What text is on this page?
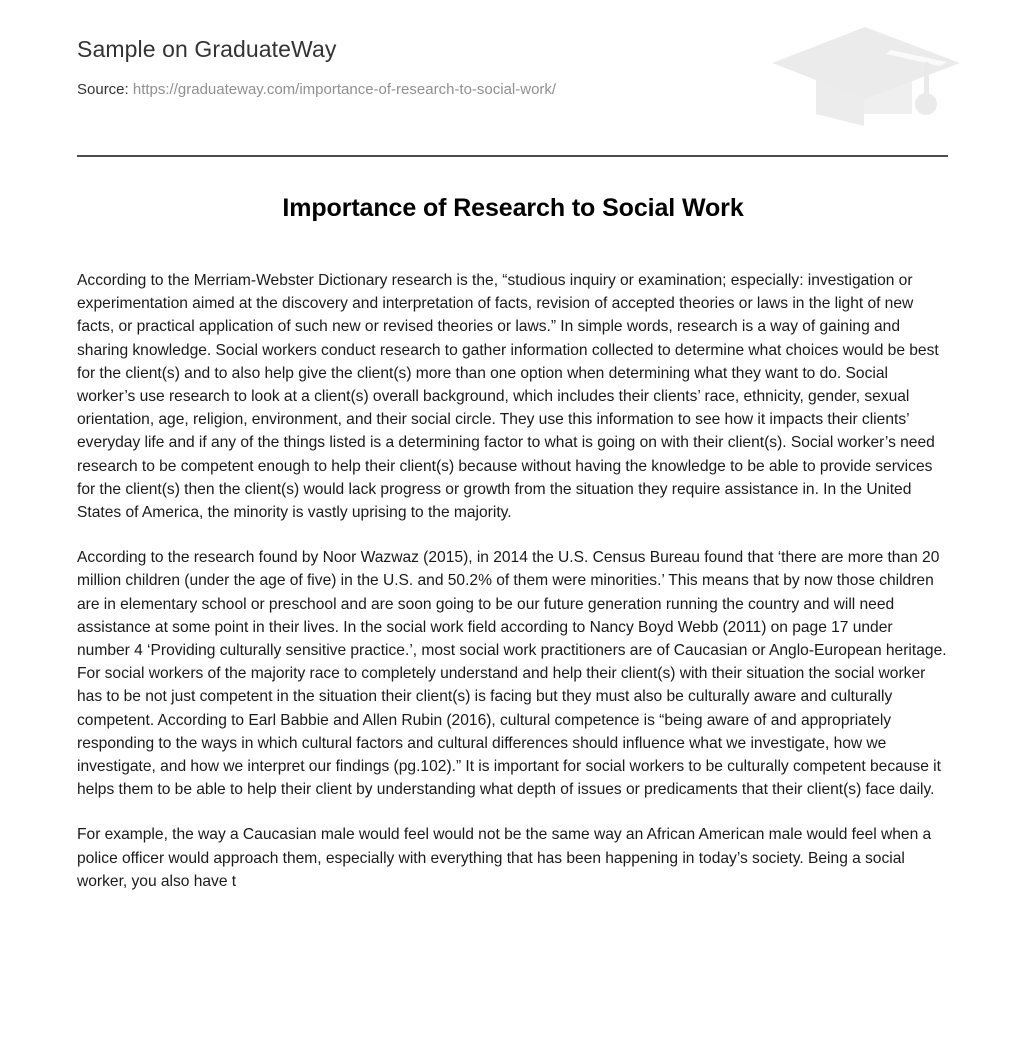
Sample on GraduateWay

Source: https://graduateway.com/importance-of-research-to-social-work/

Importance of Research to Social Work

According to the Merriam-Webster Dictionary research is the, “studious inquiry or examination; especially: investigation or experimentation aimed at the discovery and interpretation of facts, revision of accepted theories or laws in the light of new facts, or practical application of such new or revised theories or laws.” In simple words, research is a way of gaining and sharing knowledge. Social workers conduct research to gather information collected to determine what choices would be best for the client(s) and to also help give the client(s) more than one option when determining what they want to do. Social worker’s use research to look at a client(s) overall background, which includes their clients’ race, ethnicity, gender, sexual orientation, age, religion, environment, and their social circle. They use this information to see how it impacts their clients’ everyday life and if any of the things listed is a determining factor to what is going on with their client(s). Social worker’s need research to be competent enough to help their client(s) because without having the knowledge to be able to provide services for the client(s) then the client(s) would lack progress or growth from the situation they require assistance in. In the United States of America, the minority is vastly uprising to the majority.

According to the research found by Noor Wazwaz (2015), in 2014 the U.S. Census Bureau found that ‘there are more than 20 million children (under the age of five) in the U.S. and 50.2% of them were minorities.’ This means that by now those children are in elementary school or preschool and are soon going to be our future generation running the country and will need assistance at some point in their lives. In the social work field according to Nancy Boyd Webb (2011) on page 17 under number 4 ‘Providing culturally sensitive practice.’, most social work practitioners are of Caucasian or Anglo-European heritage. For social workers of the majority race to completely understand and help their client(s) with their situation the social worker has to be not just competent in the situation their client(s) is facing but they must also be culturally aware and culturally competent. According to Earl Babbie and Allen Rubin (2016), cultural competence is “being aware of and appropriately responding to the ways in which cultural factors and cultural differences should influence what we investigate, how we investigate, and how we interpret our findings (pg.102).” It is important for social workers to be culturally competent because it helps them to be able to help their client by understanding what depth of issues or predicaments that their client(s) face daily.

For example, the way a Caucasian male would feel would not be the same way an African American male would feel when a police officer would approach them, especially with everything that has been happening in today’s society. Being a social worker, you also have t
